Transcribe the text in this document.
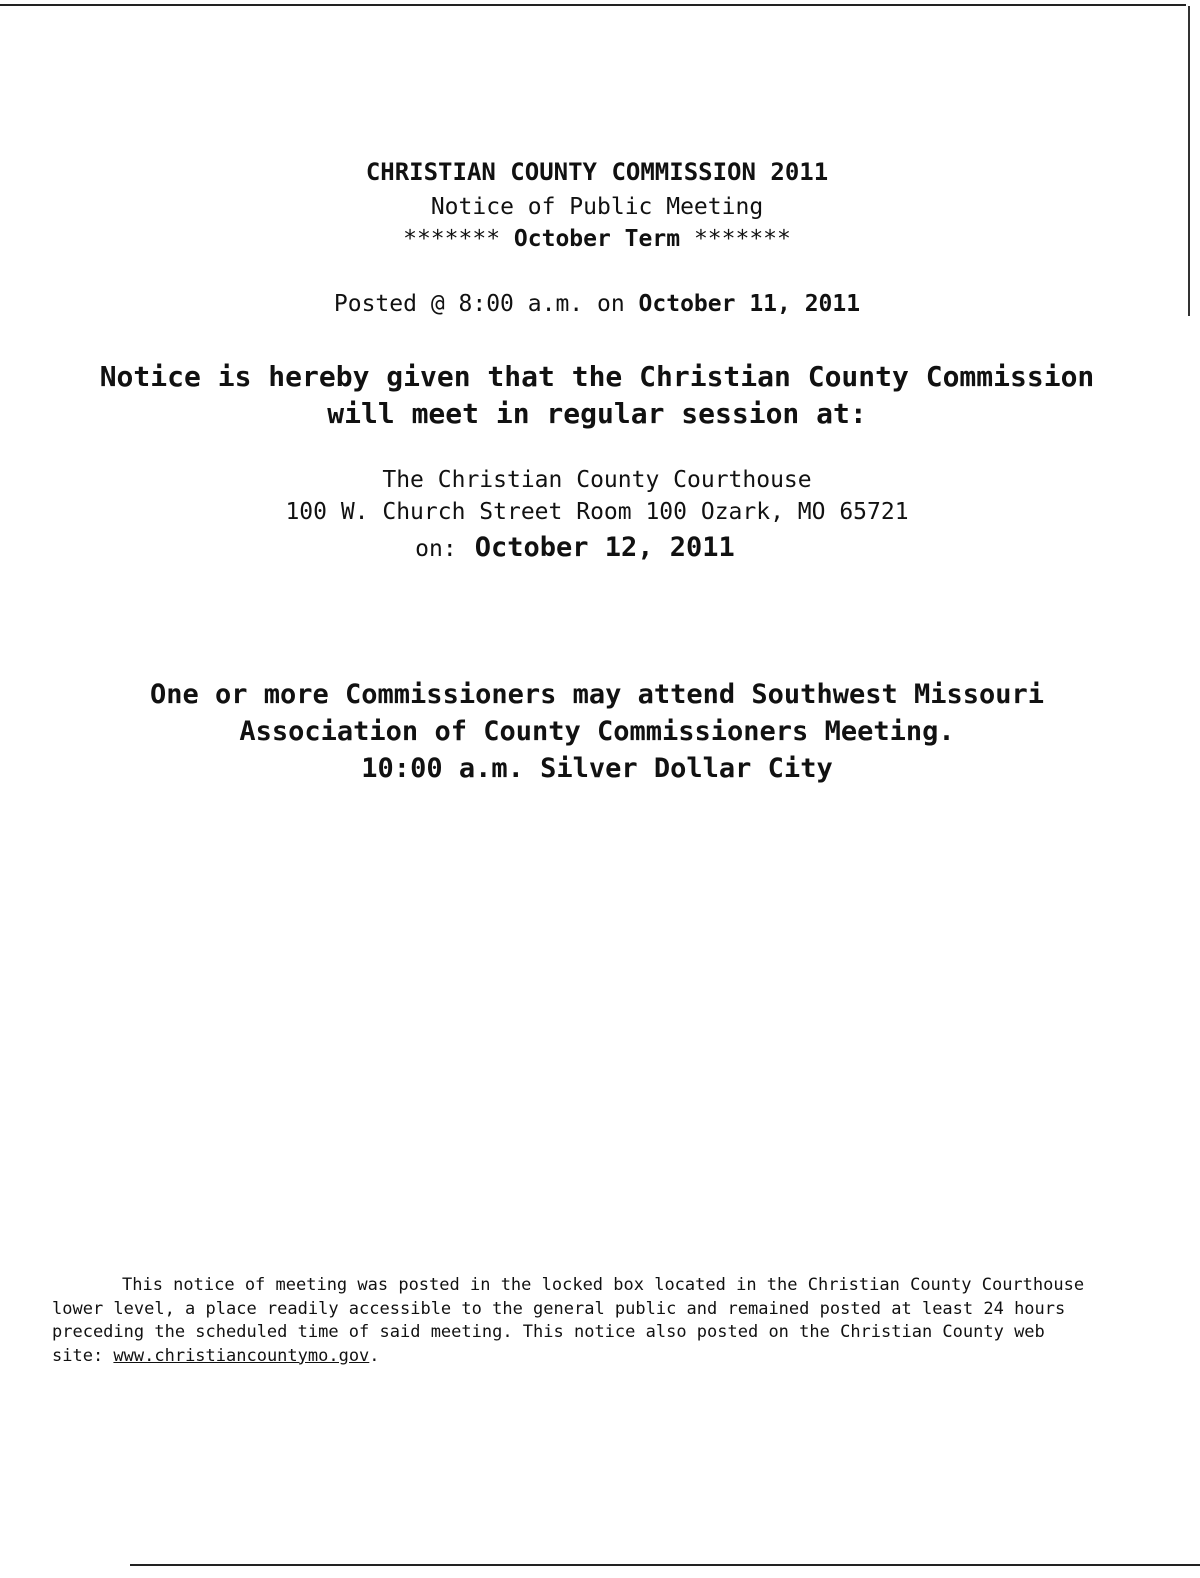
CHRISTIAN COUNTY COMMISSION 2011
Notice of Public Meeting
******* October Term *******
Posted @ 8:00 a.m. on October 11, 2011
Notice is hereby given that the Christian County Commission
will meet in regular session at:
The Christian County Courthouse
100 W. Church Street Room 100 Ozark, MO 65721
on: October 12, 2011
One or more Commissioners may attend Southwest Missouri
Association of County Commissioners Meeting.
10:00 a.m. Silver Dollar City
This notice of meeting was posted in the locked box located in the Christian County Courthouse
lower level, a place readily accessible to the general public and remained posted at least 24 hours
preceding the scheduled time of said meeting. This notice also posted on the Christian County web
site: www.christiancountymo.gov.
